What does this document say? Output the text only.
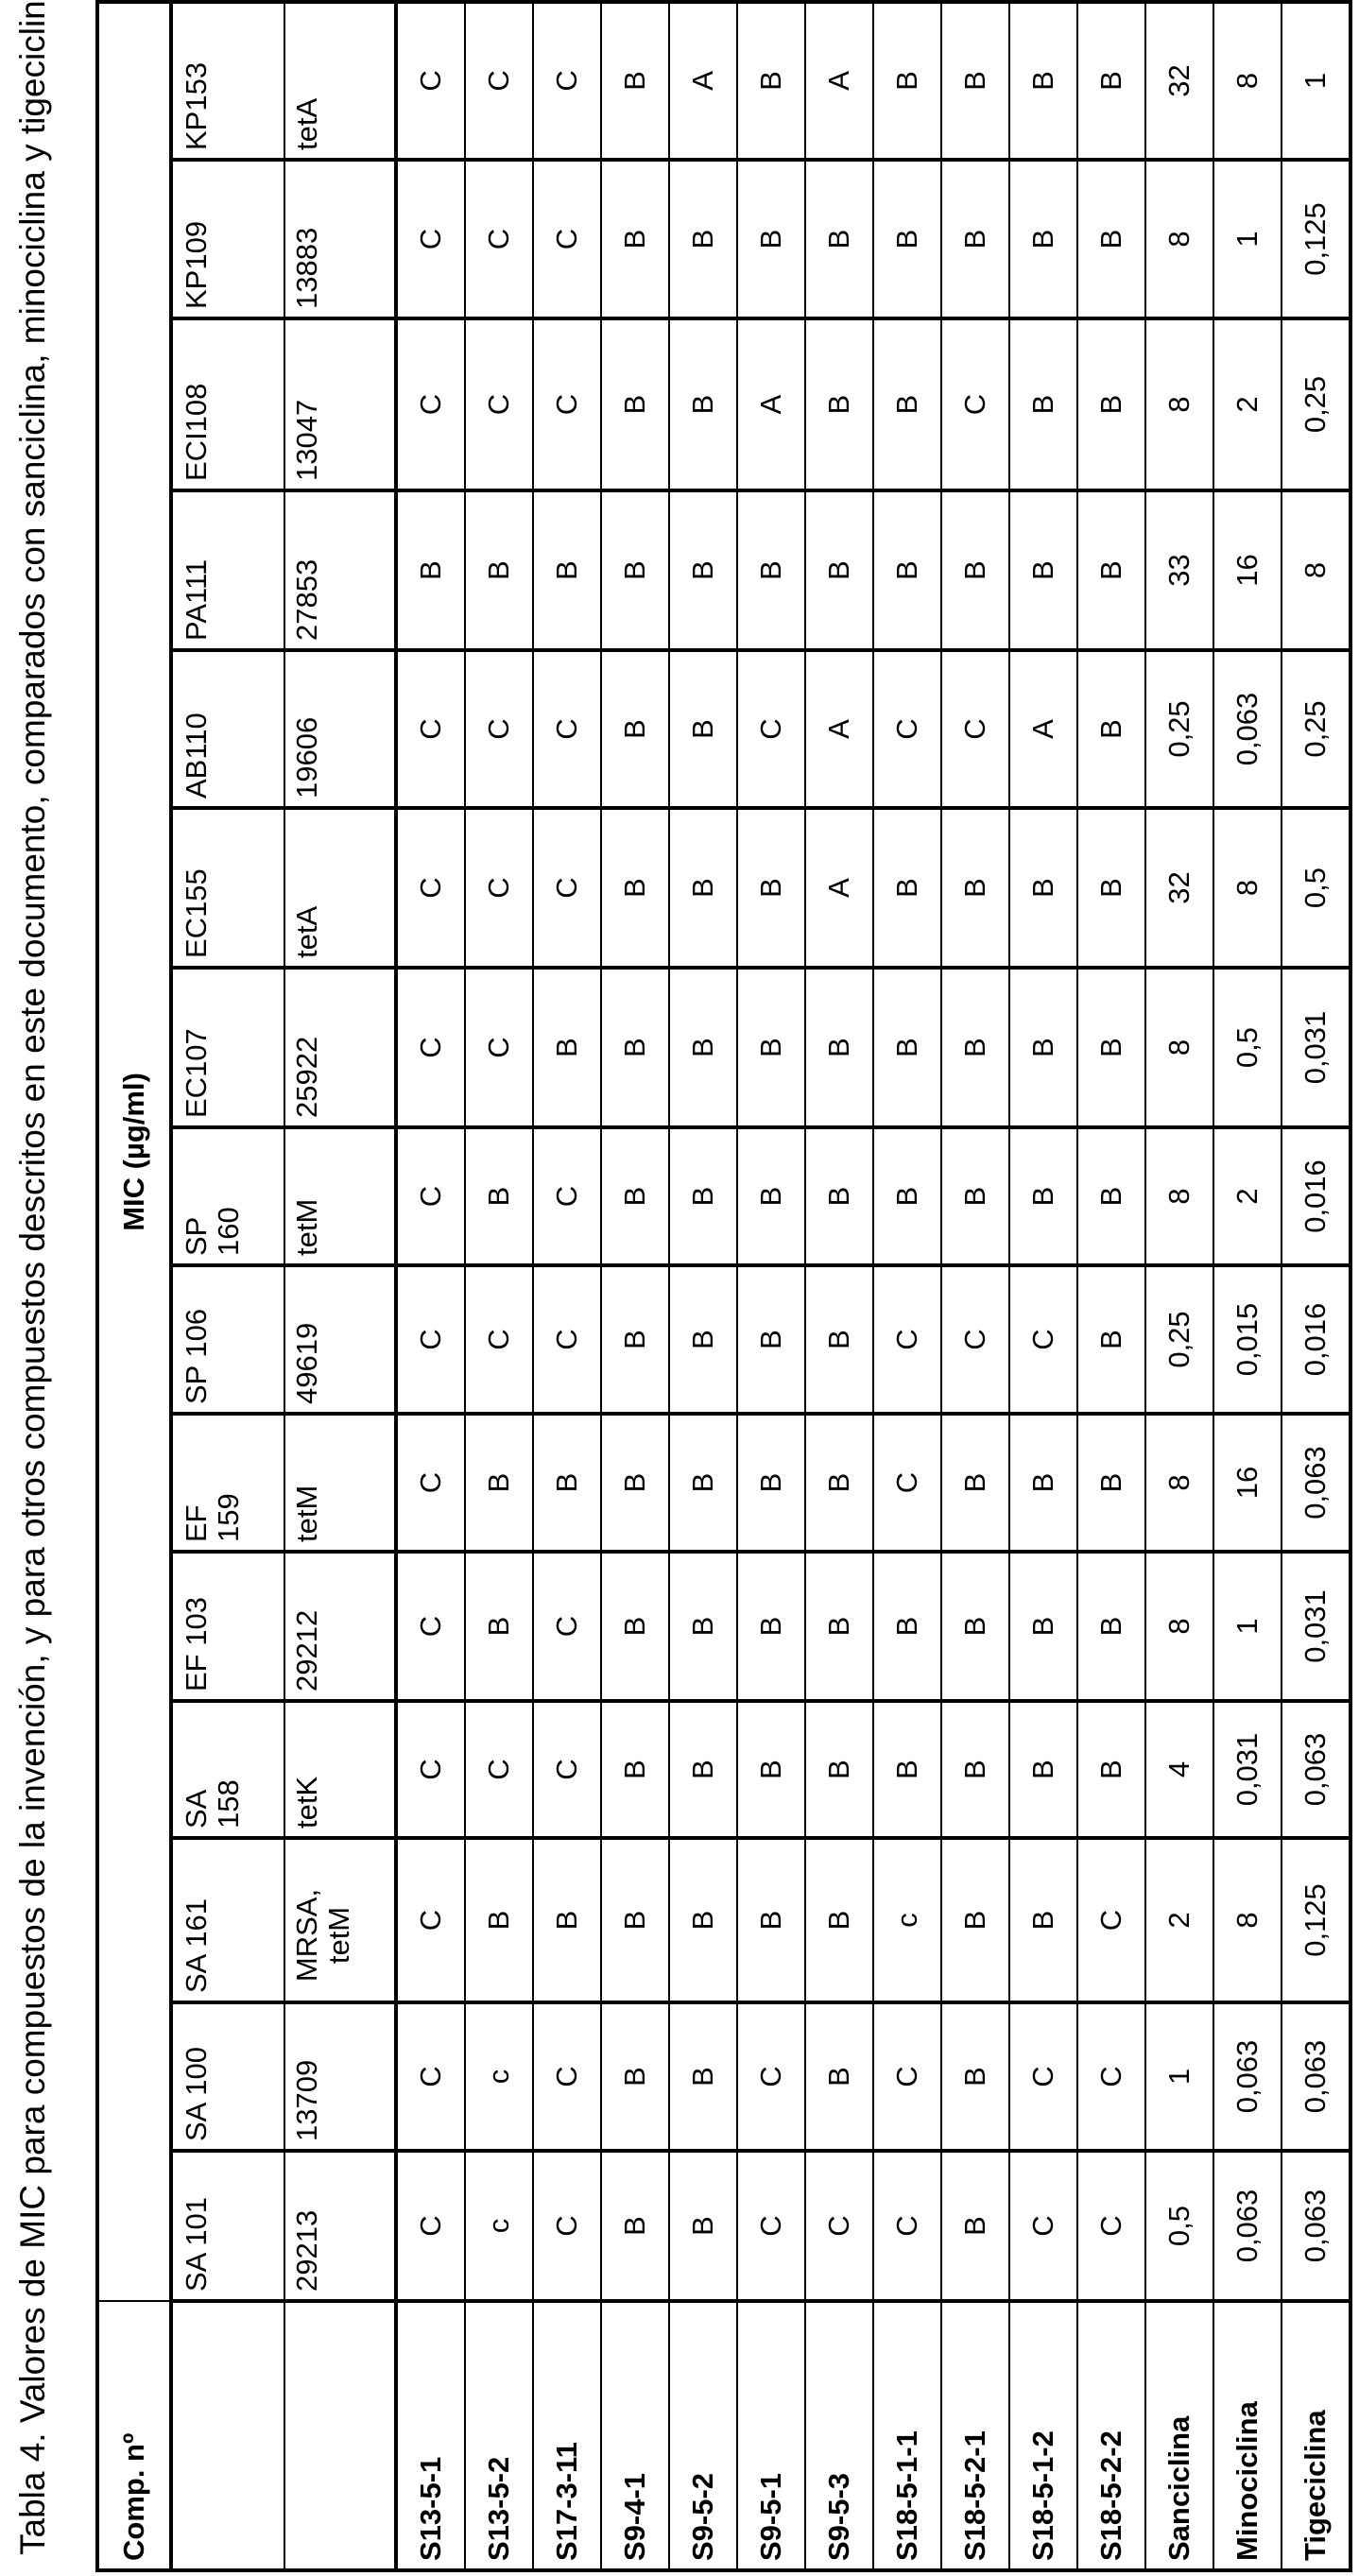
Tabla 4. Valores de MIC para compuestos de la invención, y para otros compuestos descritos en este documento, comparados con sanciclina, minociclina y tigeciclina. Comp. nº	MIC (µg/ml)
	SA 101	SA 100	SA 161	SA 158	EF 103	EF 159	SP 106	SP 160	EC107	EC155	AB110	PA111	ECI108	KP109	KP153
	29213	13709	MRSA, tetM	tetK	29212	tetM	49619	tetM	25922	tetA	19606	27853	13047	13883	tetA
S13-5-1	C	C	C	C	C	C	C	C	C	C	C	B	C	C	C
S13-5-2	c	c	B	C	B	B	C	B	C	C	C	B	C	C	C
S17-3-11	C	C	B	C	C	B	C	C	B	C	C	B	C	C	C
S9-4-1	B	B	B	B	B	B	B	B	B	B	B	B	B	B	B
S9-5-2	B	B	B	B	B	B	B	B	B	B	B	B	B	B	A
S9-5-1	C	C	B	B	B	B	B	B	B	B	C	B	A	B	B
S9-5-3	C	B	B	B	B	B	B	B	B	A	A	B	B	B	A
S18-5-1-1	C	C	c	B	B	C	C	B	B	B	C	B	B	B	B
S18-5-2-1	B	B	B	B	B	B	C	B	B	B	C	B	C	B	B
S18-5-1-2	C	C	B	B	B	B	C	B	B	B	A	B	B	B	B
S18-5-2-2	C	C	C	B	B	B	B	B	B	B	B	B	B	B	B
Sanciclina	0,5	1	2	4	8	8	0,25	8	8	32	0,25	33	8	8	32
Minociclina	0,063	0,063	8	0,031	1	16	0,015	2	0,5	8	0,063	16	2	1	8
Tigeciclina	0,063	0,063	0,125	0,063	0,031	0,063	0,016	0,016	0,031	0,5	0,25	8	0,25	0,125	1
